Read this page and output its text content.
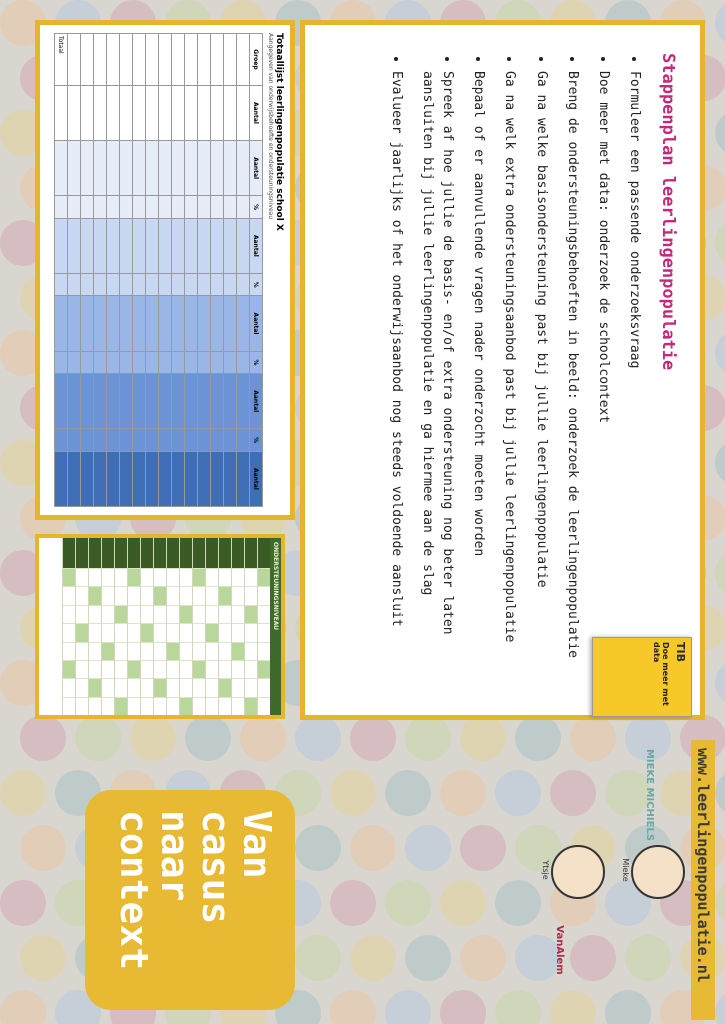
Stappenplan leerlingenpopulatie
• Formuleer een passende onderzoeksvraag
• Doe meer met data: onderzoek de schoolcontext
• Breng de ondersteuningsbehoeften in beeld: onderzoek de leerlingenpopulatie
• Ga na welke basisondersteuning past bij jullie leerlingenpopulatie
• Ga na welk extra ondersteuningsaanbod past bij jullie leerlingenpopulatie
• Bepaal of er aanvullende vragen nader onderzocht moeten worden
• Spreek af hoe jullie de basis- en/of extra ondersteuning nog beter laten aansluiten bij jullie leerlingenpopulatie en ga hiermee aan de slag
• Evalueer jaarlijks of het onderwijsaanbod nog steeds voldoende aansluit
TIB
Doe meer met data
Totaallijst leerlingenpopulatie school X
Aangegeven van onderwijsbehoefte en ondersteuningsniveau
Groep	Aantal	Aantal	%	Aantal	%	Aantal	%	Aantal	%	Aantal

Totaal										
ONDERSTEUNINGSNIVEAU
www.leerlingenpopulatie.nl
MIEKE MICHIELS
Mieke
Ytsje
VanAlem
Van
casus
naar
context
